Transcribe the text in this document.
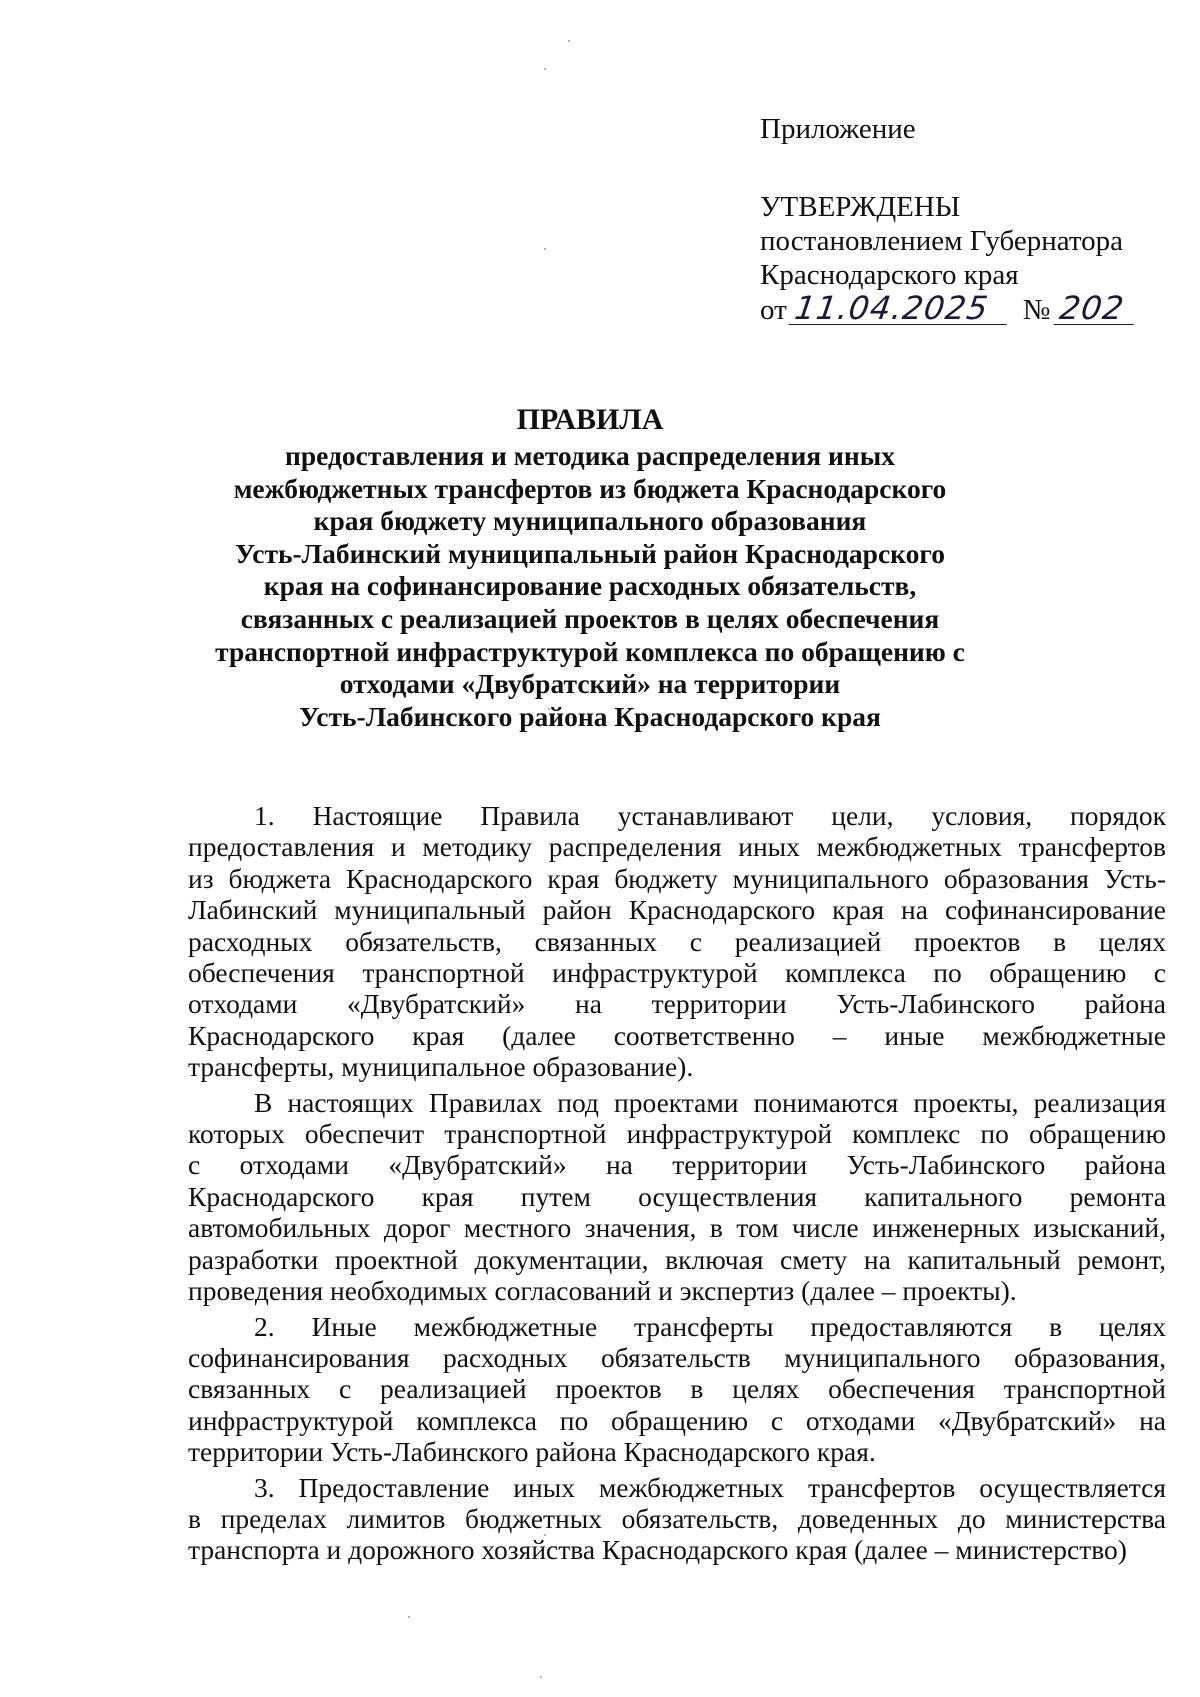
Приложение
УТВЕРЖДЕНЫ
постановлением Губернатора
Краснодарского края
от 11.04.2025	№ 202
ПРАВИЛА
предоставления и методика распределения иных
межбюджетных трансфертов из бюджета Краснодарского
края бюджету муниципального образования
Усть-Лабинский муниципальный район Краснодарского
края на софинансирование расходных обязательств,
связанных с реализацией проектов в целях обеспечения
транспортной инфраструктурой комплекса по обращению с
отходами «Двубратский» на территории
Усть-Лабинского района Краснодарского края
1. Настоящие Правила устанавливают цели, условия, порядок
предоставления и методику распределения иных межбюджетных трансфертов
из бюджета Краснодарского края бюджету муниципального образования Усть-
Лабинский муниципальный район Краснодарского края на софинансирование
расходных обязательств, связанных с реализацией проектов в целях
обеспечения транспортной инфраструктурой комплекса по обращению с
отходами «Двубратский» на территории Усть-Лабинского района
Краснодарского края (далее соответственно – иные межбюджетные
трансферты, муниципальное образование).
В настоящих Правилах под проектами понимаются проекты, реализация
которых обеспечит транспортной инфраструктурой комплекс по обращению
с отходами «Двубратский» на территории Усть-Лабинского района
Краснодарского края путем осуществления капитального ремонта
автомобильных дорог местного значения, в том числе инженерных изысканий,
разработки проектной документации, включая смету на капитальный ремонт,
проведения необходимых согласований и экспертиз (далее – проекты).
2. Иные межбюджетные трансферты предоставляются в целях
софинансирования расходных обязательств муниципального образования,
связанных с реализацией проектов в целях обеспечения транспортной
инфраструктурой комплекса по обращению с отходами «Двубратский» на
территории Усть-Лабинского района Краснодарского края.
3. Предоставление иных межбюджетных трансфертов осуществляется
в пределах лимитов бюджетных обязательств, доведенных до министерства
транспорта и дорожного хозяйства Краснодарского края (далее – министерство)
